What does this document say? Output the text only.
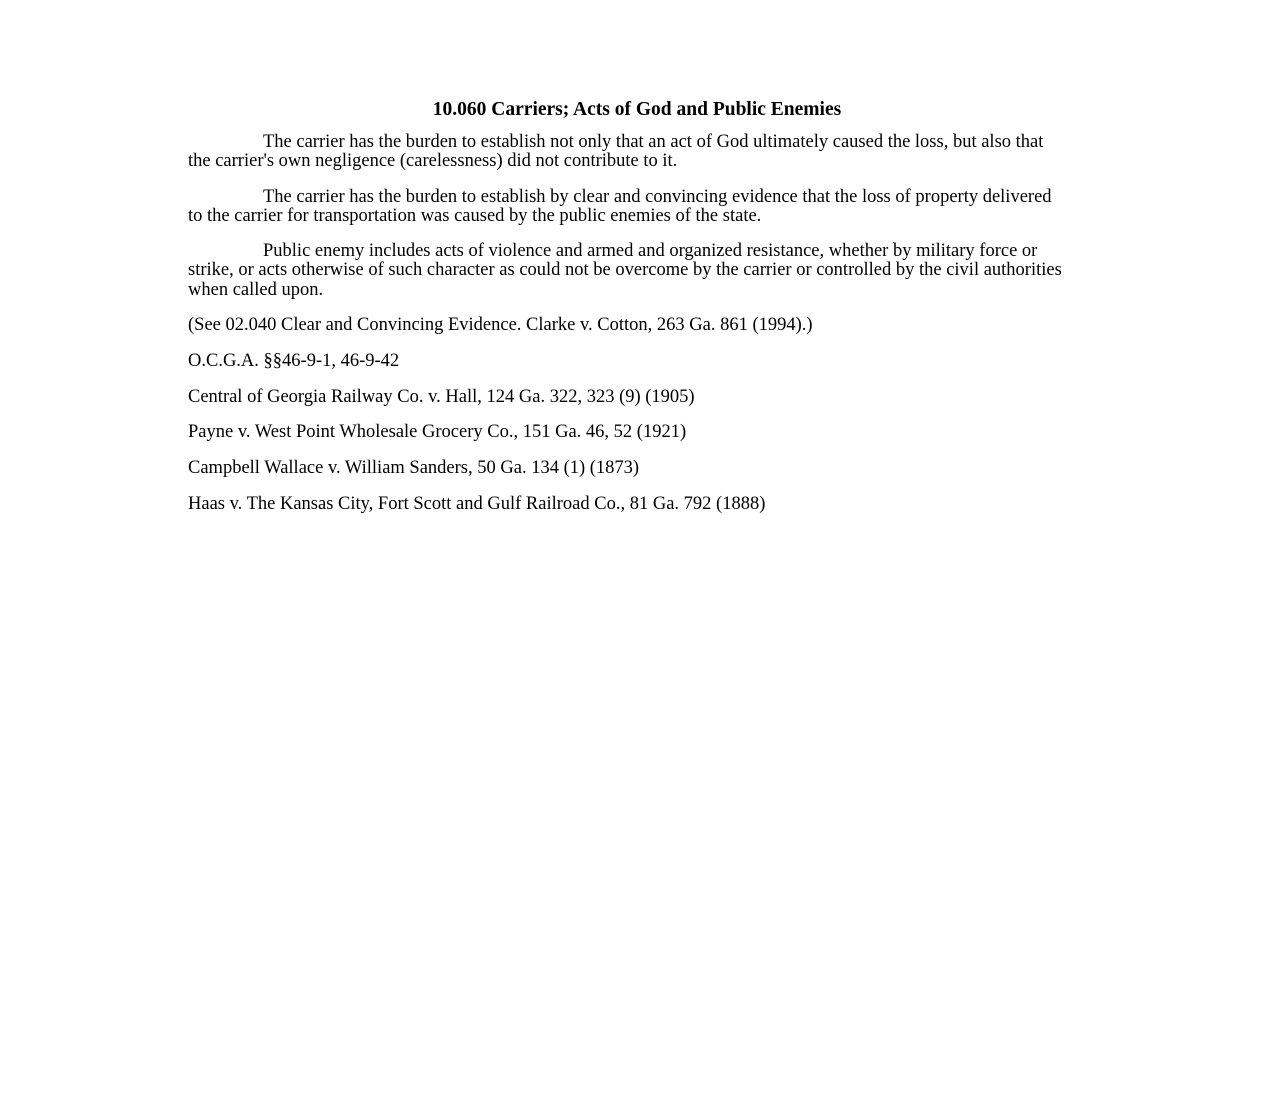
10.060 Carriers; Acts of God and Public Enemies

The carrier has the burden to establish not only that an act of God ultimately caused the loss, but also that the carrier's own negligence (carelessness) did not contribute to it.

The carrier has the burden to establish by clear and convincing evidence that the loss of property delivered to the carrier for transportation was caused by the public enemies of the state.

Public enemy includes acts of violence and armed and organized resistance, whether by military force or strike, or acts otherwise of such character as could not be overcome by the carrier or controlled by the civil authorities when called upon.

(See 02.040 Clear and Convincing Evidence. Clarke v. Cotton, 263 Ga. 861 (1994).)
O.C.G.A. §§46-9-1, 46-9-42
Central of Georgia Railway Co. v. Hall, 124 Ga. 322, 323 (9) (1905)
Payne v. West Point Wholesale Grocery Co., 151 Ga. 46, 52 (1921)
Campbell Wallace v. William Sanders, 50 Ga. 134 (1) (1873)
Haas v. The Kansas City, Fort Scott and Gulf Railroad Co., 81 Ga. 792 (1888)
